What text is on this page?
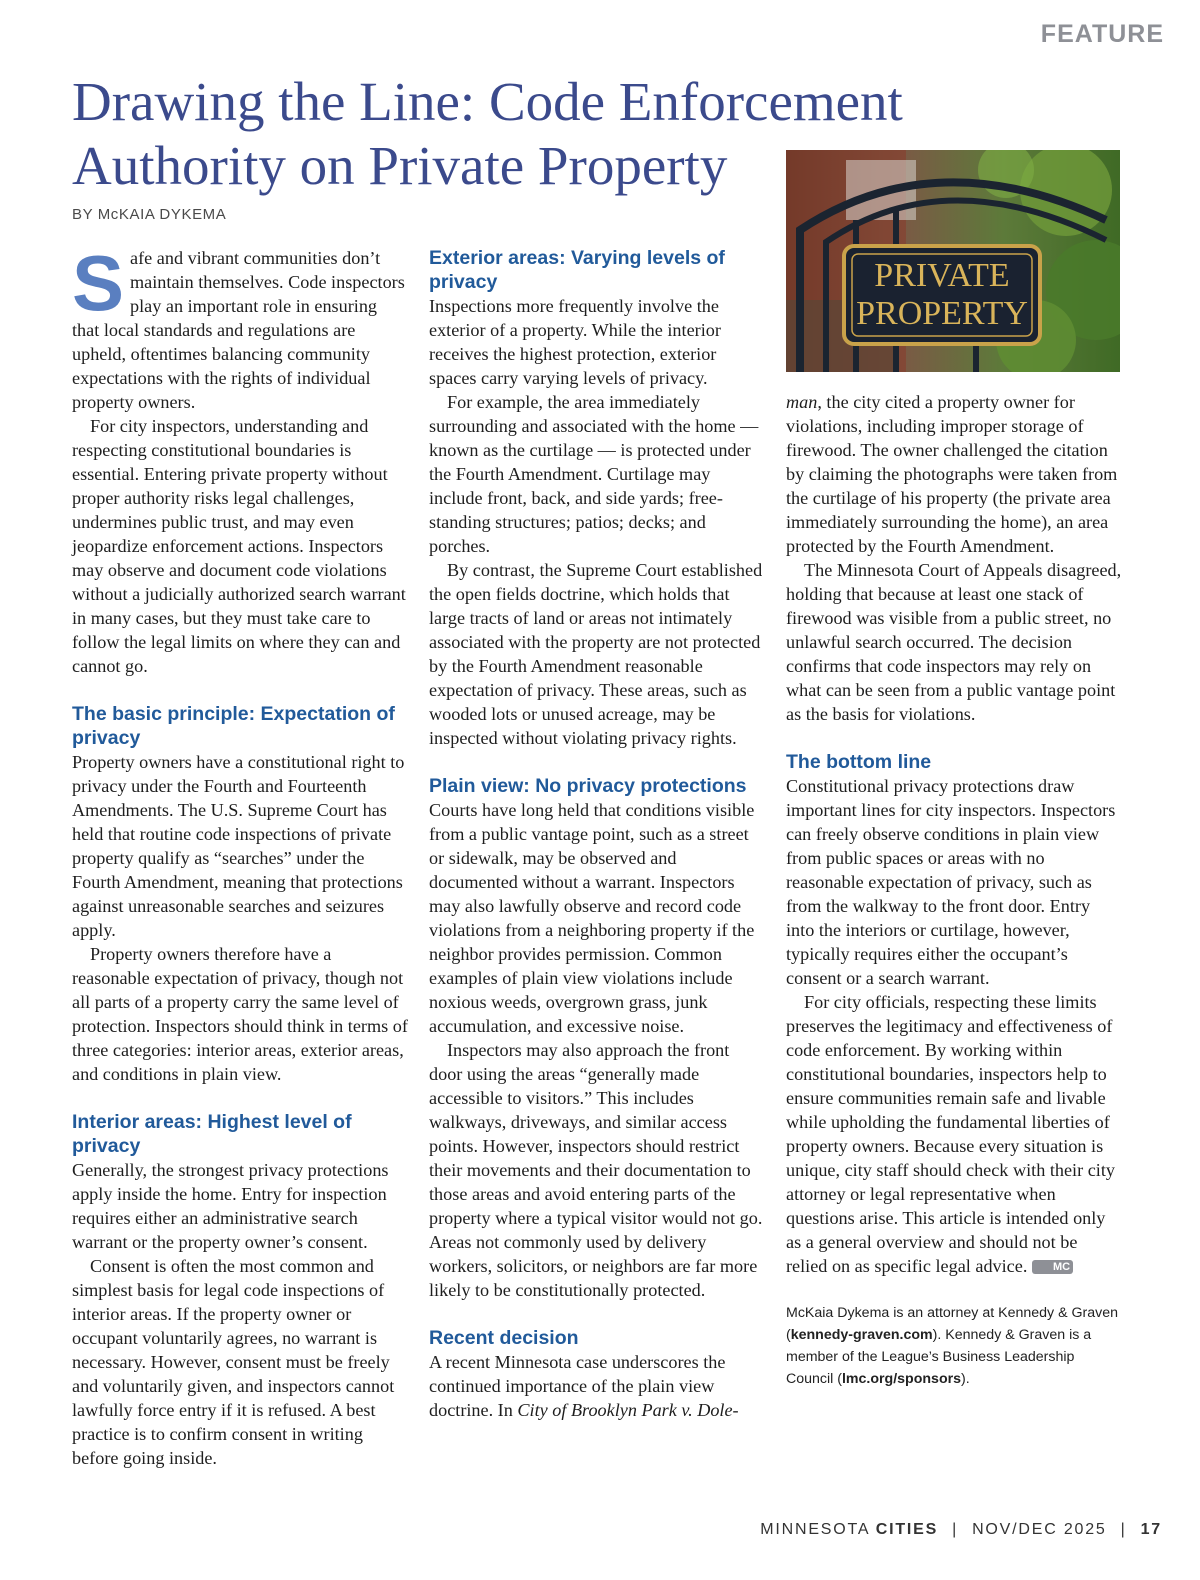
FEATURE
Drawing the Line: Code Enforcement Authority on Private Property
BY McKAIA DYKEMA
PRIVATE
PROPERTY

Safe and vibrant communities don’t maintain themselves. Code inspectors play an important role in ensuring that local standards and regulations are upheld, oftentimes balancing community expectations with the rights of individual property owners.

For city inspectors, understanding and respecting constitutional boundaries is essential. Entering private property without proper authority risks legal challenges, undermines public trust, and may even jeopardize enforcement actions. Inspectors may observe and document code violations without a judicially authorized search warrant in many cases, but they must take care to follow the legal limits on where they can and cannot go.

The basic principle: Expectation of privacy

Property owners have a constitutional right to privacy under the Fourth and Fourteenth Amendments. The U.S. Supreme Court has held that routine code inspections of private property qualify as “searches” under the Fourth Amendment, meaning that protections against unreasonable searches and seizures apply.

Property owners therefore have a reasonable expectation of privacy, though not all parts of a property carry the same level of protection. Inspectors should think in terms of three categories: interior areas, exterior areas, and conditions in plain view.

Interior areas: Highest level of privacy

Generally, the strongest privacy protections apply inside the home. Entry for inspection requires either an administrative search warrant or the property owner’s consent.

Consent is often the most common and simplest basis for legal code inspections of interior areas. If the property owner or occupant voluntarily agrees, no warrant is necessary. However, consent must be freely and voluntarily given, and inspectors cannot lawfully force entry if it is refused. A best practice is to confirm consent in writing before going inside.

Exterior areas: Varying levels of privacy

Inspections more frequently involve the exterior of a property. While the interior receives the highest protection, exterior spaces carry varying levels of privacy.

For example, the area immediately surrounding and associated with the home — known as the curtilage — is protected under the Fourth Amendment. Curtilage may include front, back, and side yards; free-standing structures; patios; decks; and porches.

By contrast, the Supreme Court established the open fields doctrine, which holds that large tracts of land or areas not intimately associated with the property are not protected by the Fourth Amendment reasonable expectation of privacy. These areas, such as wooded lots or unused acreage, may be inspected without violating privacy rights.

Plain view: No privacy protections

Courts have long held that conditions visible from a public vantage point, such as a street or sidewalk, may be observed and documented without a warrant. Inspectors may also lawfully observe and record code violations from a neighboring property if the neighbor provides permission. Common examples of plain view violations include noxious weeds, overgrown grass, junk accumulation, and excessive noise.

Inspectors may also approach the front door using the areas “generally made accessible to visitors.” This includes walkways, driveways, and similar access points. However, inspectors should restrict their movements and their documentation to those areas and avoid entering parts of the property where a typical visitor would not go. Areas not commonly used by delivery workers, solicitors, or neighbors are far more likely to be constitutionally protected.

Recent decision

A recent Minnesota case underscores the continued importance of the plain view doctrine. In City of Brooklyn Park v. Dole-

man, the city cited a property owner for violations, including improper storage of firewood. The owner challenged the citation by claiming the photographs were taken from the curtilage of his property (the private area immediately surrounding the home), an area protected by the Fourth Amendment.

The Minnesota Court of Appeals disagreed, holding that because at least one stack of firewood was visible from a public street, no unlawful search occurred. The decision confirms that code inspectors may rely on what can be seen from a public vantage point as the basis for violations.

The bottom line

Constitutional privacy protections draw important lines for city inspectors. Inspectors can freely observe conditions in plain view from public spaces or areas with no reasonable expectation of privacy, such as from the walkway to the front door. Entry into the interiors or curtilage, however, typically requires either the occupant’s consent or a search warrant.

For city officials, respecting these limits preserves the legitimacy and effectiveness of code enforcement. By working within constitutional boundaries, inspectors help to ensure communities remain safe and livable while upholding the fundamental liberties of property owners. Because every situation is unique, city staff should check with their city attorney or legal representative when questions arise. This article is intended only as a general overview and should not be relied on as specific legal advice. MC

McKaia Dykema is an attorney at Kennedy & Graven (kennedy-graven.com). Kennedy & Graven is a member of the League’s Business Leadership Council (lmc.org/sponsors).

MINNESOTA CITIES | NOV/DEC 2025 | 17
